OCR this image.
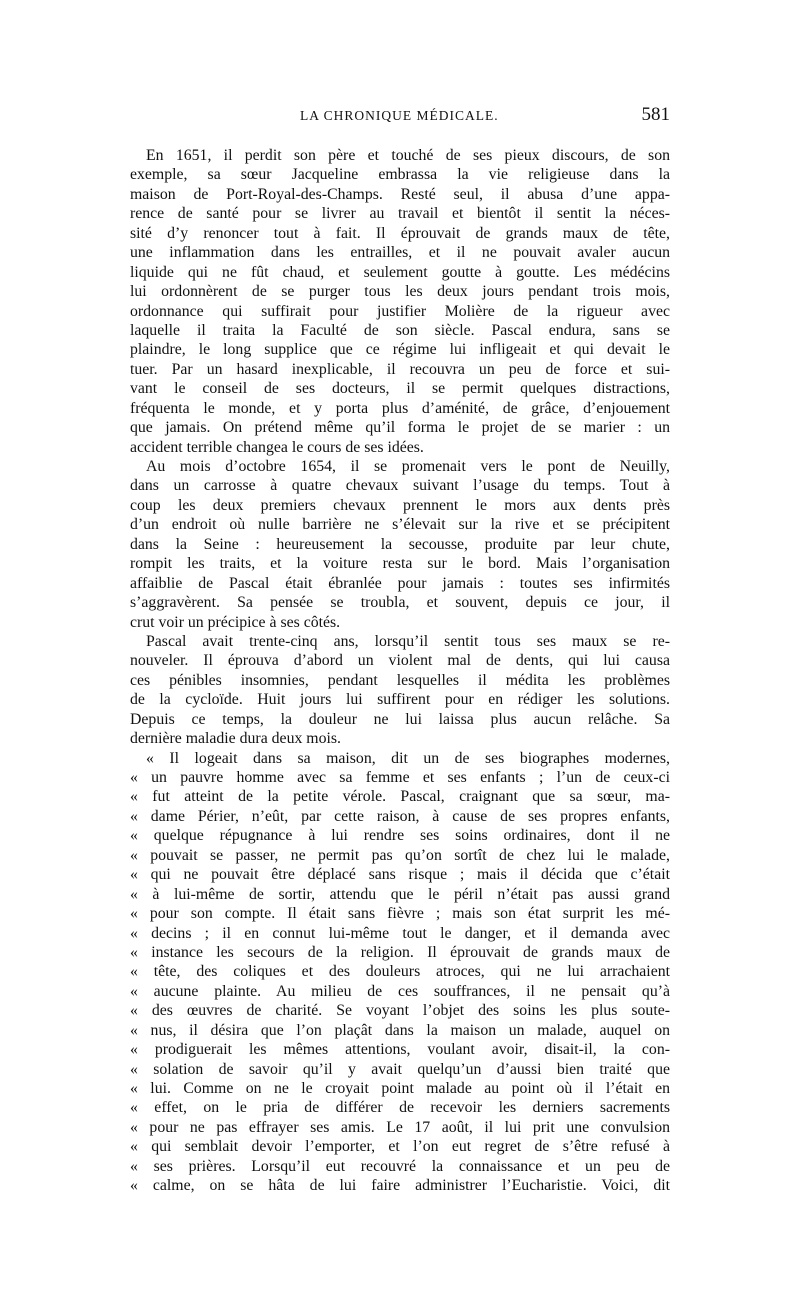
LA CHRONIQUE MÉDICALE.	581
En 1651, il perdit son père et touché de ses pieux discours, de son
exemple, sa sœur Jacqueline embrassa la vie religieuse dans la
maison de Port-Royal-des-Champs. Resté seul, il abusa d’une appa-
rence de santé pour se livrer au travail et bientôt il sentit la néces-
sité d’y renoncer tout à fait. Il éprouvait de grands maux de tête,
une inflammation dans les entrailles, et il ne pouvait avaler aucun
liquide qui ne fût chaud, et seulement goutte à goutte. Les médécins
lui ordonnèrent de se purger tous les deux jours pendant trois mois,
ordonnance qui suffirait pour justifier Molière de la rigueur avec
laquelle il traita la Faculté de son siècle. Pascal endura, sans se
plaindre, le long supplice que ce régime lui infligeait et qui devait le
tuer. Par un hasard inexplicable, il recouvra un peu de force et sui-
vant le conseil de ses docteurs, il se permit quelques distractions,
fréquenta le monde, et y porta plus d’aménité, de grâce, d’enjouement
que jamais. On prétend même qu’il forma le projet de se marier : un
accident terrible changea le cours de ses idées.
Au mois d’octobre 1654, il se promenait vers le pont de Neuilly,
dans un carrosse à quatre chevaux suivant l’usage du temps. Tout à
coup les deux premiers chevaux prennent le mors aux dents près
d’un endroit où nulle barrière ne s’élevait sur la rive et se précipitent
dans la Seine : heureusement la secousse, produite par leur chute,
rompit les traits, et la voiture resta sur le bord. Mais l’organisation
affaiblie de Pascal était ébranlée pour jamais : toutes ses infirmités
s’aggravèrent. Sa pensée se troubla, et souvent, depuis ce jour, il
crut voir un précipice à ses côtés.
Pascal avait trente-cinq ans, lorsqu’il sentit tous ses maux se re-
nouveler. Il éprouva d’abord un violent mal de dents, qui lui causa
ces pénibles insomnies, pendant lesquelles il médita les problèmes
de la cycloïde. Huit jours lui suffirent pour en rédiger les solutions.
Depuis ce temps, la douleur ne lui laissa plus aucun relâche. Sa
dernière maladie dura deux mois.
« Il logeait dans sa maison, dit un de ses biographes modernes,
« un pauvre homme avec sa femme et ses enfants ; l’un de ceux-ci
« fut atteint de la petite vérole. Pascal, craignant que sa sœur, ma-
« dame Périer, n’eût, par cette raison, à cause de ses propres enfants,
« quelque répugnance à lui rendre ses soins ordinaires, dont il ne
« pouvait se passer, ne permit pas qu’on sortît de chez lui le malade,
« qui ne pouvait être déplacé sans risque ; mais il décida que c’était
« à lui-même de sortir, attendu que le péril n’était pas aussi grand
« pour son compte. Il était sans fièvre ; mais son état surprit les mé-
« decins ; il en connut lui-même tout le danger, et il demanda avec
« instance les secours de la religion. Il éprouvait de grands maux de
« tête, des coliques et des douleurs atroces, qui ne lui arrachaient
« aucune plainte. Au milieu de ces souffrances, il ne pensait qu’à
« des œuvres de charité. Se voyant l’objet des soins les plus soute-
« nus, il désira que l’on plaçât dans la maison un malade, auquel on
« prodiguerait les mêmes attentions, voulant avoir, disait-il, la con-
« solation de savoir qu’il y avait quelqu’un d’aussi bien traité que
« lui. Comme on ne le croyait point malade au point où il l’était en
« effet, on le pria de différer de recevoir les derniers sacrements
« pour ne pas effrayer ses amis. Le 17 août, il lui prit une convulsion
« qui semblait devoir l’emporter, et l’on eut regret de s’être refusé à
« ses prières. Lorsqu’il eut recouvré la connaissance et un peu de
« calme, on se hâta de lui faire administrer l’Eucharistie. Voici, dit
